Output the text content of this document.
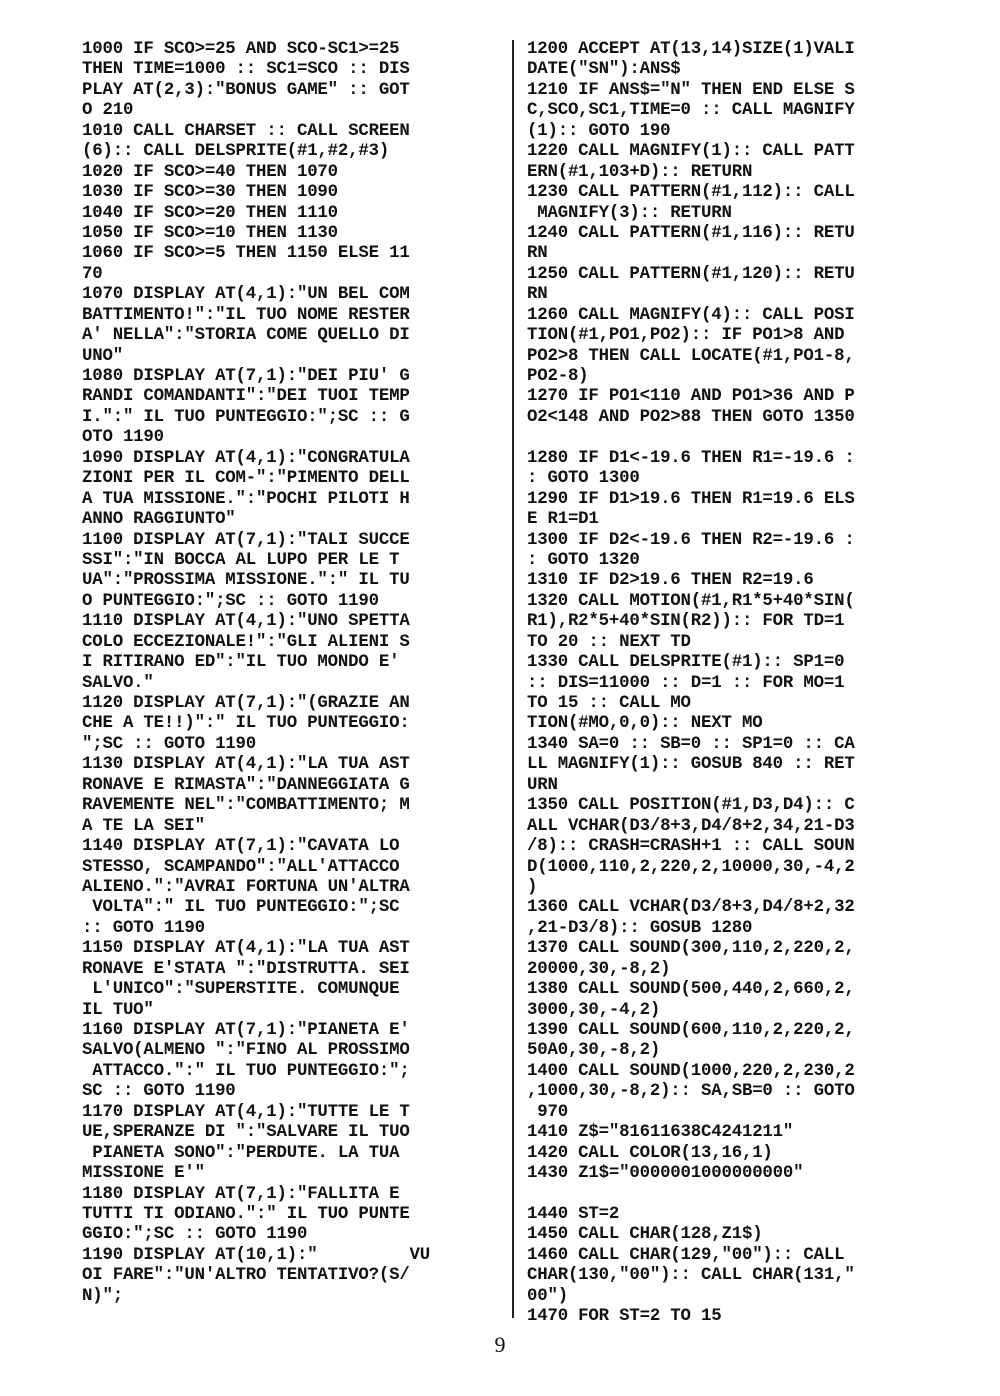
1000 IF SCO>=25 AND SCO-SC1>=25
THEN TIME=1000 :: SC1=SCO :: DIS
PLAY AT(2,3):"BONUS GAME" :: GOT
O 210
1010 CALL CHARSET :: CALL SCREEN
(6):: CALL DELSPRITE(#1,#2,#3)
1020 IF SCO>=40 THEN 1070
1030 IF SCO>=30 THEN 1090
1040 IF SCO>=20 THEN 1110
1050 IF SCO>=10 THEN 1130
1060 IF SCO>=5 THEN 1150 ELSE 11
70
1070 DISPLAY AT(4,1):"UN BEL COM
BATTIMENTO!":"IL TUO NOME RESTER
A' NELLA":"STORIA COME QUELLO DI
UNO"
1080 DISPLAY AT(7,1):"DEI PIU' G
RANDI COMANDANTI":"DEI TUOI TEMP
I.":" IL TUO PUNTEGGIO:";SC :: G
OTO 1190
1090 DISPLAY AT(4,1):"CONGRATULA
ZIONI PER IL COM-":"PIMENTO DELL
A TUA MISSIONE.":"POCHI PILOTI H
ANNO RAGGIUNTO"
1100 DISPLAY AT(7,1):"TALI SUCCE
SSI":"IN BOCCA AL LUPO PER LE T
UA":"PROSSIMA MISSIONE.":" IL TU
O PUNTEGGIO:";SC :: GOTO 1190
1110 DISPLAY AT(4,1):"UNO SPETTA
COLO ECCEZIONALE!":"GLI ALIENI S
I RITIRANO ED":"IL TUO MONDO E'
SALVO."
1120 DISPLAY AT(7,1):"(GRAZIE AN
CHE A TE!!)":" IL TUO PUNTEGGIO:
";SC :: GOTO 1190
1130 DISPLAY AT(4,1):"LA TUA AST
RONAVE E RIMASTA":"DANNEGGIATA G
RAVEMENTE NEL":"COMBATTIMENTO; M
A TE LA SEI"
1140 DISPLAY AT(7,1):"CAVATA LO
STESSO, SCAMPANDO":"ALL'ATTACCO
ALIENO.":"AVRAI FORTUNA UN'ALTRA
VOLTA":" IL TUO PUNTEGGIO:";SC
:: GOTO 1190
1150 DISPLAY AT(4,1):"LA TUA AST
RONAVE E'STATA ":"DISTRUTTA. SEI
L'UNICO":"SUPERSTITE. COMUNQUE
IL TUO"
1160 DISPLAY AT(7,1):"PIANETA E'
SALVO(ALMENO ":"FINO AL PROSSIMO
ATTACCO.":" IL TUO PUNTEGGIO:";
SC :: GOTO 1190
1170 DISPLAY AT(4,1):"TUTTE LE T
UE,SPERANZE DI ":"SALVARE IL TUO
PIANETA SONO":"PERDUTE. LA TUA
MISSIONE E'"
1180 DISPLAY AT(7,1):"FALLITA E
TUTTI TI ODIANO.":" IL TUO PUNTE
GGIO:";SC :: GOTO 1190
1190 DISPLAY AT(10,1):"         VU
OI FARE":"UN'ALTRO TENTATIVO?(S/
N)";
1200 ACCEPT AT(13,14)SIZE(1)VALI
DATE("SN"):ANS$
1210 IF ANS$="N" THEN END ELSE S
C,SCO,SC1,TIME=0 :: CALL MAGNIFY
(1):: GOTO 190
1220 CALL MAGNIFY(1):: CALL PATT
ERN(#1,103+D):: RETURN
1230 CALL PATTERN(#1,112):: CALL
MAGNIFY(3):: RETURN
1240 CALL PATTERN(#1,116):: RETU
RN
1250 CALL PATTERN(#1,120):: RETU
RN
1260 CALL MAGNIFY(4):: CALL POSI
TION(#1,PO1,PO2):: IF PO1>8 AND
PO2>8 THEN CALL LOCATE(#1,PO1-8,
PO2-8)
1270 IF PO1<110 AND PO1>36 AND P
O2<148 AND PO2>88 THEN GOTO 1350
1280 IF D1<-19.6 THEN R1=-19.6 :
: GOTO 1300
1290 IF D1>19.6 THEN R1=19.6 ELS
E R1=D1
1300 IF D2<-19.6 THEN R2=-19.6 :
: GOTO 1320
1310 IF D2>19.6 THEN R2=19.6
1320 CALL MOTION(#1,R1*5+40*SIN(
R1),R2*5+40*SIN(R2)):: FOR TD=1
TO 20 :: NEXT TD
1330 CALL DELSPRITE(#1):: SP1=0
:: DIS=11000 :: D=1 :: FOR MO=1
TO 15 :: CALL MO
TION(#MO,0,0):: NEXT MO
1340 SA=0 :: SB=0 :: SP1=0 :: CA
LL MAGNIFY(1):: GOSUB 840 :: RET
URN
1350 CALL POSITION(#1,D3,D4):: C
ALL VCHAR(D3/8+3,D4/8+2,34,21-D3
/8):: CRASH=CRASH+1 :: CALL SOUN
D(1000,110,2,220,2,10000,30,-4,2
)
1360 CALL VCHAR(D3/8+3,D4/8+2,32
,21-D3/8):: GOSUB 1280
1370 CALL SOUND(300,110,2,220,2,
20000,30,-8,2)
1380 CALL SOUND(500,440,2,660,2,
3000,30,-4,2)
1390 CALL SOUND(600,110,2,220,2,
50A0,30,-8,2)
1400 CALL SOUND(1000,220,2,230,2
,1000,30,-8,2):: SA,SB=0 :: GOTO
970
1410 Z$="81611638C4241211"
1420 CALL COLOR(13,16,1)
1430 Z1$="0000001000000000"
1440 ST=2
1450 CALL CHAR(128,Z1$)
1460 CALL CHAR(129,"00"):: CALL
CHAR(130,"00"):: CALL CHAR(131,"
00")
1470 FOR ST=2 TO 15
9
